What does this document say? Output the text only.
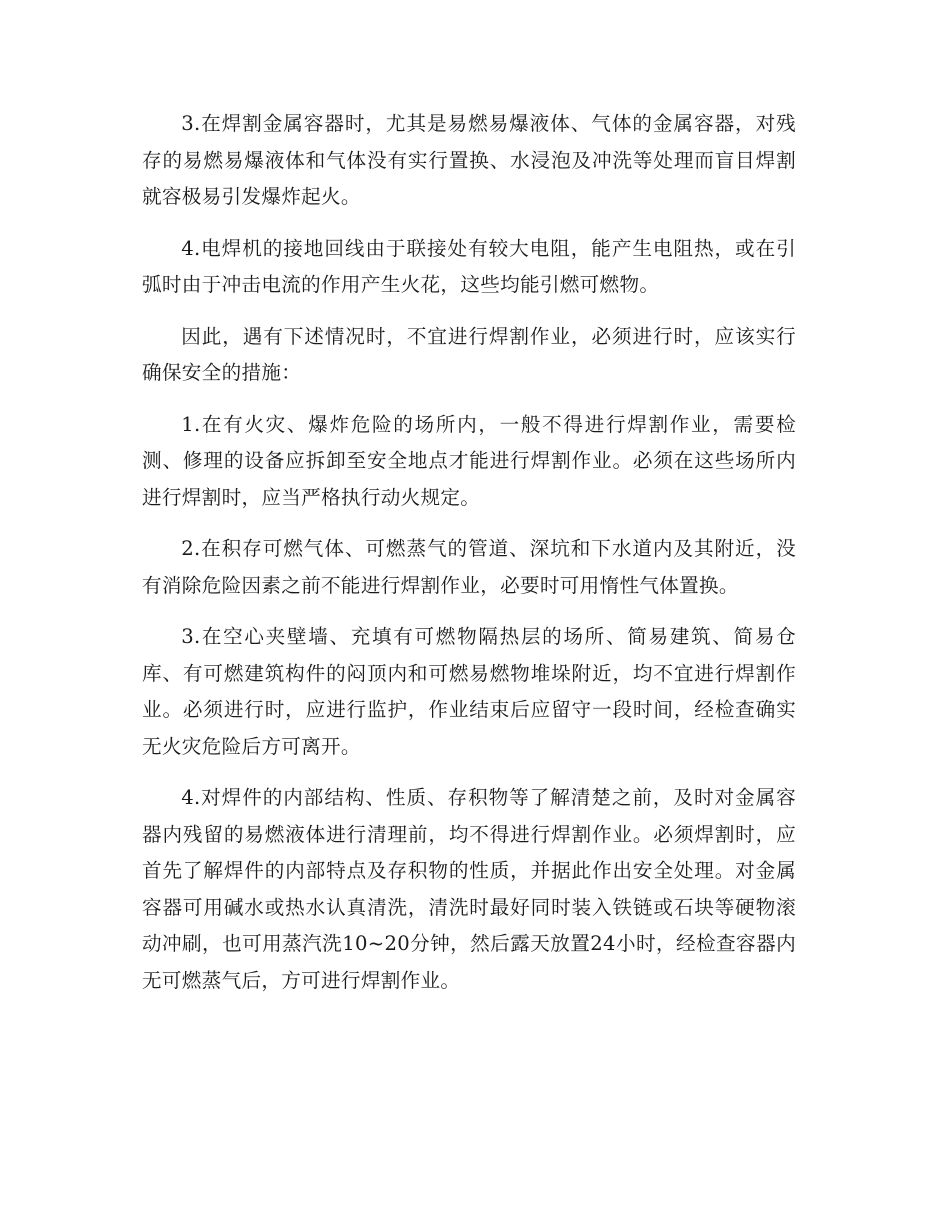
3.在焊割金属容器时，尤其是易燃易爆液体、气体的金属容器，对残存的易燃易爆液体和气体没有实行置换、水浸泡及冲洗等处理而盲目焊割就容极易引发爆炸起火。

4.电焊机的接地回线由于联接处有较大电阻，能产生电阻热，或在引弧时由于冲击电流的作用产生火花，这些均能引燃可燃物。

因此，遇有下述情况时，不宜进行焊割作业，必须进行时，应该实行确保安全的措施：

1.在有火灾、爆炸危险的场所内，一般不得进行焊割作业，需要检测、修理的设备应拆卸至安全地点才能进行焊割作业。必须在这些场所内进行焊割时，应当严格执行动火规定。

2.在积存可燃气体、可燃蒸气的管道、深坑和下水道内及其附近，没有消除危险因素之前不能进行焊割作业，必要时可用惰性气体置换。

3.在空心夹壁墙、充填有可燃物隔热层的场所、简易建筑、简易仓库、有可燃建筑构件的闷顶内和可燃易燃物堆垛附近，均不宜进行焊割作业。必须进行时，应进行监护，作业结束后应留守一段时间，经检查确实无火灾危险后方可离开。

4.对焊件的内部结构、性质、存积物等了解清楚之前，及时对金属容器内残留的易燃液体进行清理前，均不得进行焊割作业。必须焊割时，应首先了解焊件的内部特点及存积物的性质，并据此作出安全处理。对金属容器可用碱水或热水认真清洗，清洗时最好同时装入铁链或石块等硬物滚动冲刷，也可用蒸汽洗10~20分钟，然后露天放置24小时，经检查容器内无可燃蒸气后，方可进行焊割作业。
